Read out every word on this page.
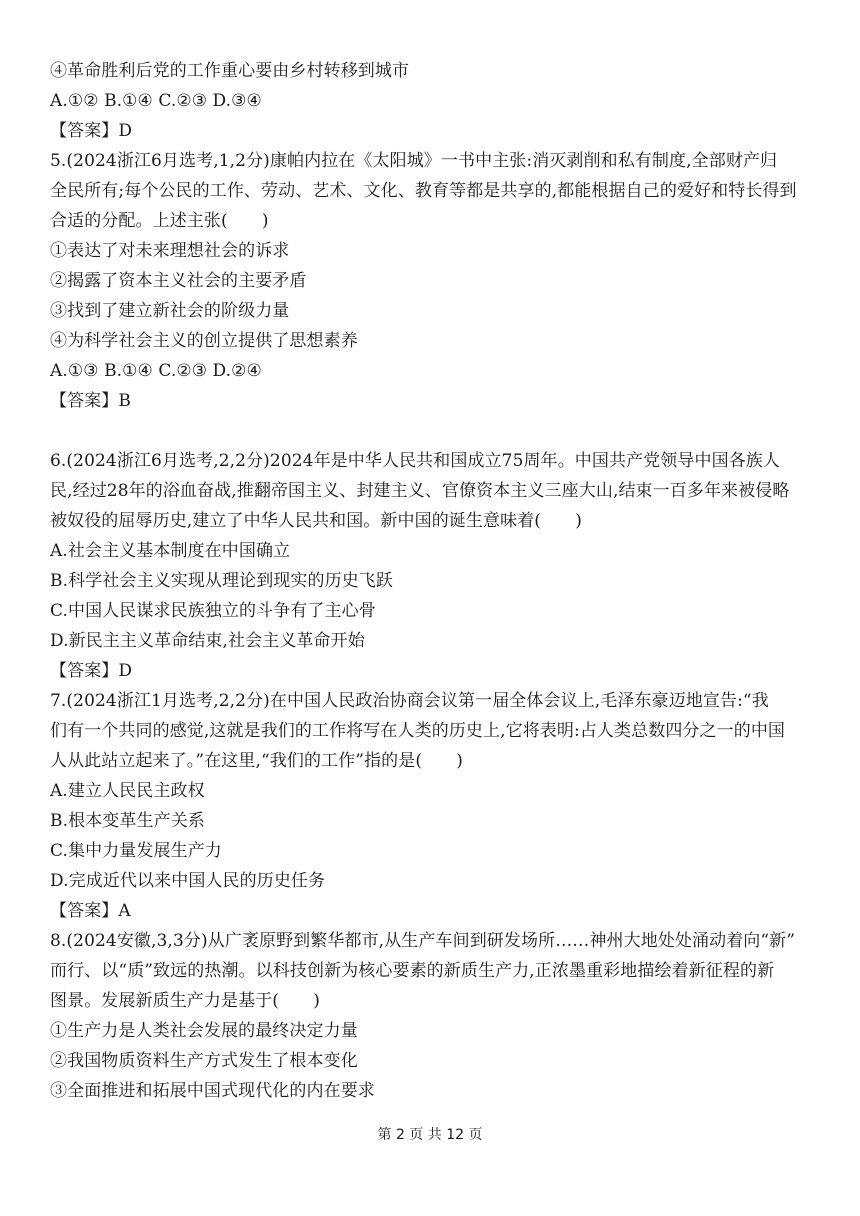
④革命胜利后党的工作重心要由乡村转移到城市
A.①② B.①④ C.②③ D.③④
【答案】D
5.(2024浙江6月选考,1,2分)康帕内拉在《太阳城》一书中主张:消灭剥削和私有制度,全部财产归
全民所有;每个公民的工作、劳动、艺术、文化、教育等都是共享的,都能根据自己的爱好和特长得到
合适的分配。上述主张(　　)
①表达了对未来理想社会的诉求
②揭露了资本主义社会的主要矛盾
③找到了建立新社会的阶级力量
④为科学社会主义的创立提供了思想素养
A.①③ B.①④ C.②③ D.②④
【答案】B
6.(2024浙江6月选考,2,2分)2024年是中华人民共和国成立75周年。中国共产党领导中国各族人
民,经过28年的浴血奋战,推翻帝国主义、封建主义、官僚资本主义三座大山,结束一百多年来被侵略
被奴役的屈辱历史,建立了中华人民共和国。新中国的诞生意味着(　　)
A.社会主义基本制度在中国确立
B.科学社会主义实现从理论到现实的历史飞跃
C.中国人民谋求民族独立的斗争有了主心骨
D.新民主主义革命结束,社会主义革命开始
【答案】D
7.(2024浙江1月选考,2,2分)在中国人民政治协商会议第一届全体会议上,毛泽东豪迈地宣告:“我
们有一个共同的感觉,这就是我们的工作将写在人类的历史上,它将表明:占人类总数四分之一的中国
人从此站立起来了。”在这里,“我们的工作”指的是(　　)
A.建立人民民主政权
B.根本变革生产关系
C.集中力量发展生产力
D.完成近代以来中国人民的历史任务
【答案】A
8.(2024安徽,3,3分)从广袤原野到繁华都市,从生产车间到研发场所……神州大地处处涌动着向“新”
而行、以“质”致远的热潮。以科技创新为核心要素的新质生产力,正浓墨重彩地描绘着新征程的新
图景。发展新质生产力是基于(　　)
①生产力是人类社会发展的最终决定力量
②我国物质资料生产方式发生了根本变化
③全面推进和拓展中国式现代化的内在要求
第 2 页 共 12 页
